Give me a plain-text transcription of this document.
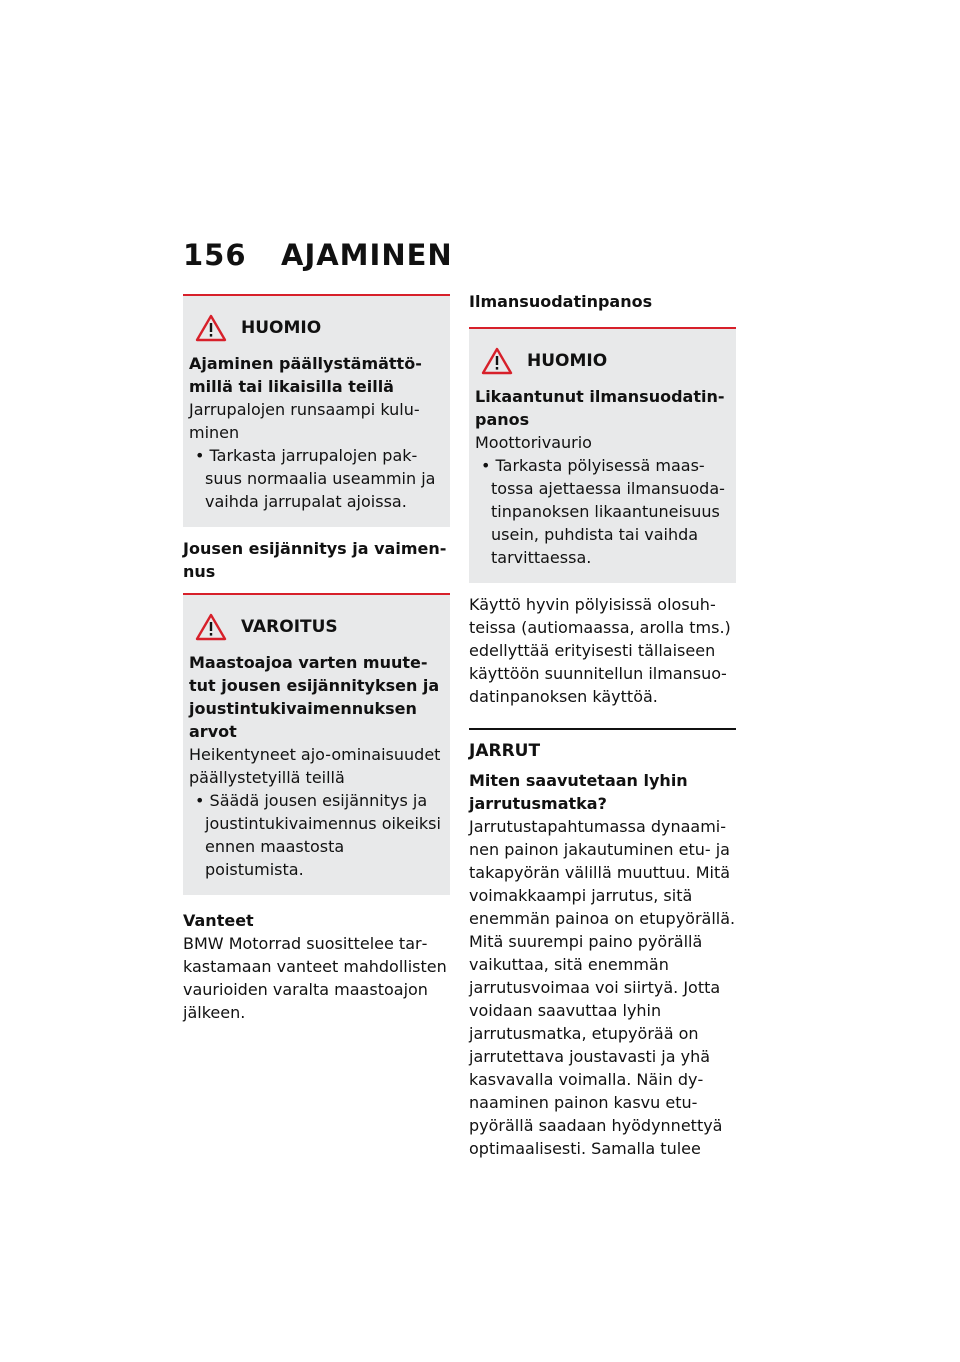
156 AJAMINEN
HUOMIO
Ajaminen päällystämättömillä tai likaisilla teillä
Jarrupalojen runsaampi kuluminen
• Tarkasta jarrupalojen paksuus normaalia useammin ja vaihda jarrupalat ajoissa.
Jousen esijännitys ja vaimennus
VAROITUS
Maastoajoa varten muutetut jousen esijännityksen ja joustintukivaimennuksen arvot
Heikentyneet ajo-ominaisuudet päällystetyillä teillä
• Säädä jousen esijännitys ja joustintukivaimennus oikeiksi ennen maastosta poistumista.
Vanteet
BMW Motorrad suosittelee tarkastamaan vanteet mahdollisten vaurioiden varalta maastoajon jälkeen.
Ilmansuodatinpanos
HUOMIO
Likaantunut ilmansuodatinpanos
Moottorivaurio
• Tarkasta pölyisessä maastossa ajettaessa ilmansuodatinpanoksen likaantuneisuus usein, puhdista tai vaihda tarvittaessa.
Käyttö hyvin pölyisissä olosuhteissa (autiomaassa, arolla tms.) edellyttää erityisesti tällaiseen käyttöön suunnitellun ilmansuodatinpanoksen käyttöä.
JARRUT
Miten saavutetaan lyhin jarrutusmatka?
Jarrutustapahtumassa dynaaminen painon jakautuminen etu- ja takapyörän välillä muuttuu. Mitä voimakkaampi jarrutus, sitä enemmän painoa on etupyörällä. Mitä suurempi paino pyörällä vaikuttaa, sitä enemmän jarrutusvoimaa voi siirtyä. Jotta voidaan saavuttaa lyhin jarrutusmatka, etupyörää on jarrutettava joustavasti ja yhä kasvavalla voimalla. Näin dynaaminen painon kasvu etupyörällä saadaan hyödynnettyä optimaalisesti. Samalla tulee
